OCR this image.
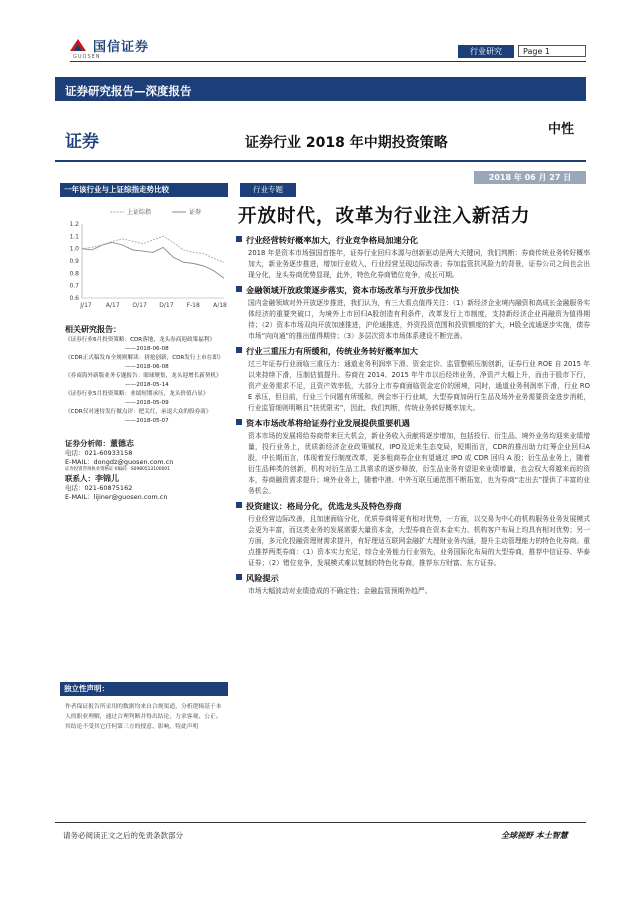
国信证券
GUOSEN
行业研究	Page 1
证券研究报告—深度报告
证券
中性
证券行业 2018 年中期投资策略
2018 年 06 月 27 日
一年该行业与上证综指走势比较
1.2
1.1
1.0
0.9
0.8
0.7
0.6
J/17 A/17 O/17 D/17 F-18 A/18
上证综指	证券
相关研究报告：
《证券行业6月投资策略：CDR落地，龙头券商迎政策福利》
——2018-06-08
《CDR正式稿发布全规则解读：拼抢创新，CDR发行上市在即》
——2018-06-08
《券商海外新版业务专题报告：眼球聚集，龙头迎增长新契机》
——2018-05-14
《证券行业5月投资策略：业绩短期承压，龙头价值凸显》
——2018-05-09
《CDR仅对迷恃发行做点评：把关红，承退大众的股券商》
——2018-05-07
证券分析师：董德志
电话：021-60933158
E-MAIL：dongdz@guosen.com.cn
证券投资咨询执业资格证书编码：S0980513100001
联系人：李锦儿
电话：021-60875162
E-MAIL：lijiner@guosen.com.cn
独立性声明：
作者保证报告所采用的数据均来自合规渠道，分析逻辑基于本人的职业理解，通过合理判断并得出结论，力求客观、公正。其结论不受其它任何第三方的授意、影响，特此声明
行业专题
开放时代，改革为行业注入新活力
行业经营转好概率加大，行业竞争格局加速分化
2018 年是资本市场强国首推年，证券行业回归本源与创新驱动是两大关键词，我们判断：券商传统业务转好概率加大，新业务逐步推进，增加行业收入，行业经营呈现边际改善；券加监管抗风险力的背景，证券公司之间也会出现分化，龙头券商优势显现，此外，特色化券商错位竞争，成长可期。
金融领域开放政策逐步落实，资本市场改革与开放步伐加快
国内金融领域对外开放逐步推进，我们认为，有三大看点值得关注：（1）新经济企业境内融资和高成长金融服务实体经济的重要突破口，为境外上市回归A股创造有利条件，改革发行上市制度，支持新经济企业再融资为值得期待；（2）资本市场双向开放加速推进，沪伦通推进，外资投资范围和投资额度的扩大，H股全流通逐步实施，债券市场“向向通”的推出值得期待；（3）多层次资本市场体系建设不断完善。
行业三重压力有所缓和，传统业务转好概率加大
过三年证券行业面临三重压力：通道业务利润率下滑、资金定价、监管整顿压制创新，证券行业 ROE 自 2015 年以来持续下滑，压制估值提升。券商在 2014、2015 年牛市以后经纬业务，净资产大幅上升，而由于股市下行，资产业务需求不足，且资产效率低，大部分上市券商面临资金定价的困境，同时，通道业务利润率下滑，行业 ROE 承压，但目前，行业三个问题有所缓和，例会率于行业域，大型券商加码行生品及场外业务需要资金进步消耗，行业监管细则明晰且“扶优限劣”，因此，我们判断，传统业务转好概率加大。
资本市场改革将给证券行业发展提供重要机遇
资本市场的发展将给券商带来巨大机会，新业务收入贡献将逐步增加，包括投行、衍生品、境外业务均迎来业绩增量，投行业务上，优质新经济企业政策赋权，IPO及近来生态变局，短期而言，CDR的推出助力红筹企业回归A股，中长期而言，体现着发行制度改革，更多租商券企业有望通过 IPO 或 CDR 回归 A 股；衍生品业务上，随着衍生品种类的创新，机构对衍生品工具需求的逐步释放，衍生品业务有望迎来业绩增量，也会权大将越来而的资本，券商融资需求提升；境外业务上，随着中港、中外互联互通范围不断拓宽，也为券商“走出去”提供了丰富的业务机会。
投资建议：格局分化，优选龙头及特色券商
行业经营边际改善，且加速面临分化，优质券商将更有相对优势，一方面，以交易为中心的机构服务业务发展模式会更为丰富，而这类业务的发展需要大量资本金，大型券商在资本金实力、机构客户布局上均具有相对优势；另一方面，多元化投融资理财需求提升，有好理适互联网金融扩大理财业务内涵，提升主动管理能力的特色化券商。重点推荐两类券商：（1）资本实力充足，综合业务能力行业领先，业务国际化布局的大型券商，推荐中信证券、华泰证券；（2）错位竞争，发展模式难以复制的特色化券商，推荐东方财富、东方证券。
风险提示
市场大幅波动对业绩造成的不确定性；金融监管预期外趋严。
请务必阅读正文之后的免责条款部分	全球视野 本土智慧
